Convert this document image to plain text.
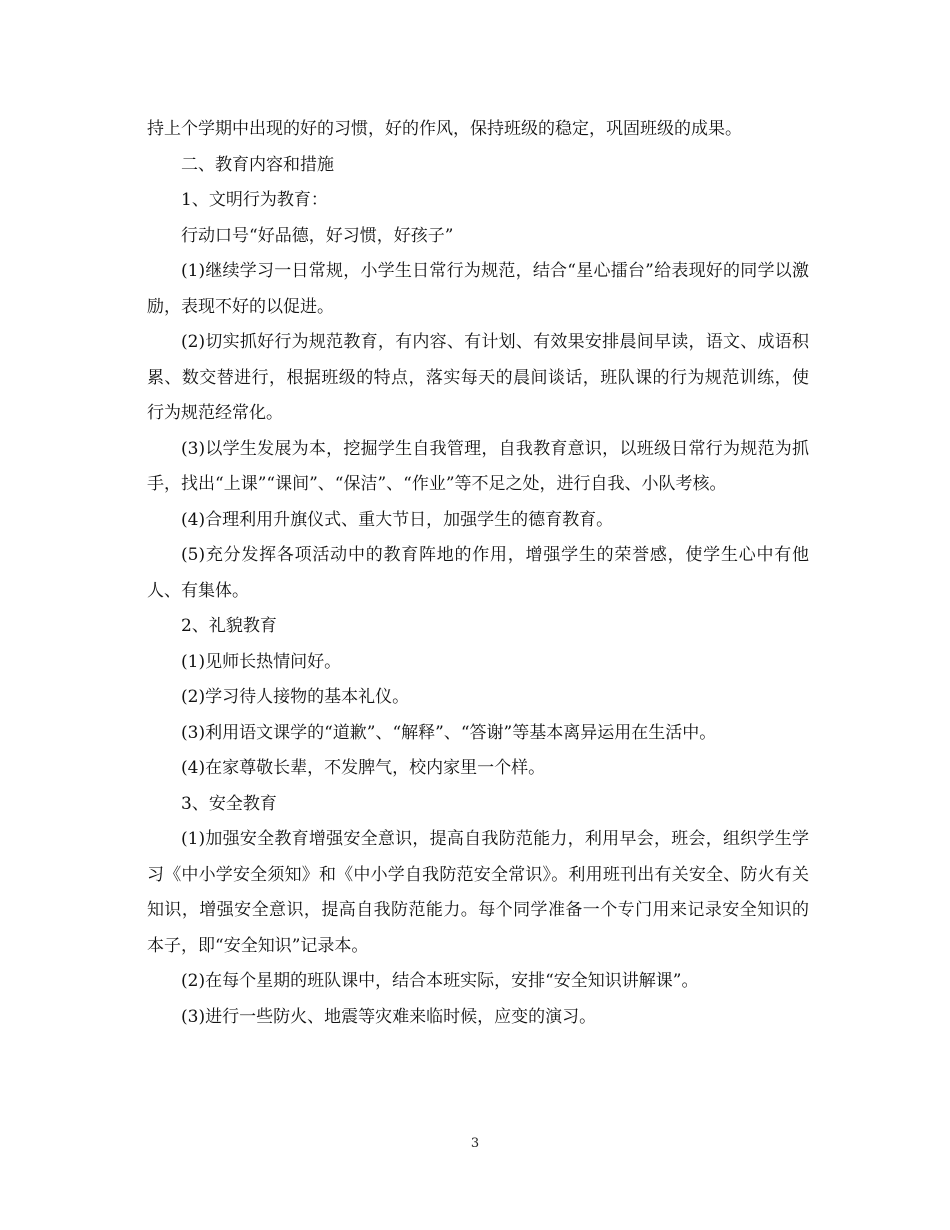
持上个学期中出现的好的习惯，好的作风，保持班级的稳定，巩固班级的成果。

二、教育内容和措施

1、文明行为教育：

行动口号“好品德，好习惯，好孩子”

(1)继续学习一日常规，小学生日常行为规范，结合“星心擂台”给表现好的同学以激励，表现不好的以促进。

(2)切实抓好行为规范教育，有内容、有计划、有效果安排晨间早读，语文、成语积累、数交替进行，根据班级的特点，落实每天的晨间谈话，班队课的行为规范训练，使行为规范经常化。

(3)以学生发展为本，挖掘学生自我管理，自我教育意识，以班级日常行为规范为抓手，找出“上课”“课间”、“保洁”、“作业”等不足之处，进行自我、小队考核。

(4)合理利用升旗仪式、重大节日，加强学生的德育教育。

(5)充分发挥各项活动中的教育阵地的作用，增强学生的荣誉感，使学生心中有他人、有集体。

2、礼貌教育

(1)见师长热情问好。

(2)学习待人接物的基本礼仪。

(3)利用语文课学的“道歉”、“解释”、“答谢”等基本离异运用在生活中。

(4)在家尊敬长辈，不发脾气，校内家里一个样。

3、安全教育

(1)加强安全教育增强安全意识，提高自我防范能力，利用早会，班会，组织学生学习《中小学安全须知》和《中小学自我防范安全常识》。利用班刊出有关安全、防火有关知识，增强安全意识，提高自我防范能力。每个同学准备一个专门用来记录安全知识的本子，即“安全知识”记录本。

(2)在每个星期的班队课中，结合本班实际，安排“安全知识讲解课”。

(3)进行一些防火、地震等灾难来临时候，应变的演习。

3
